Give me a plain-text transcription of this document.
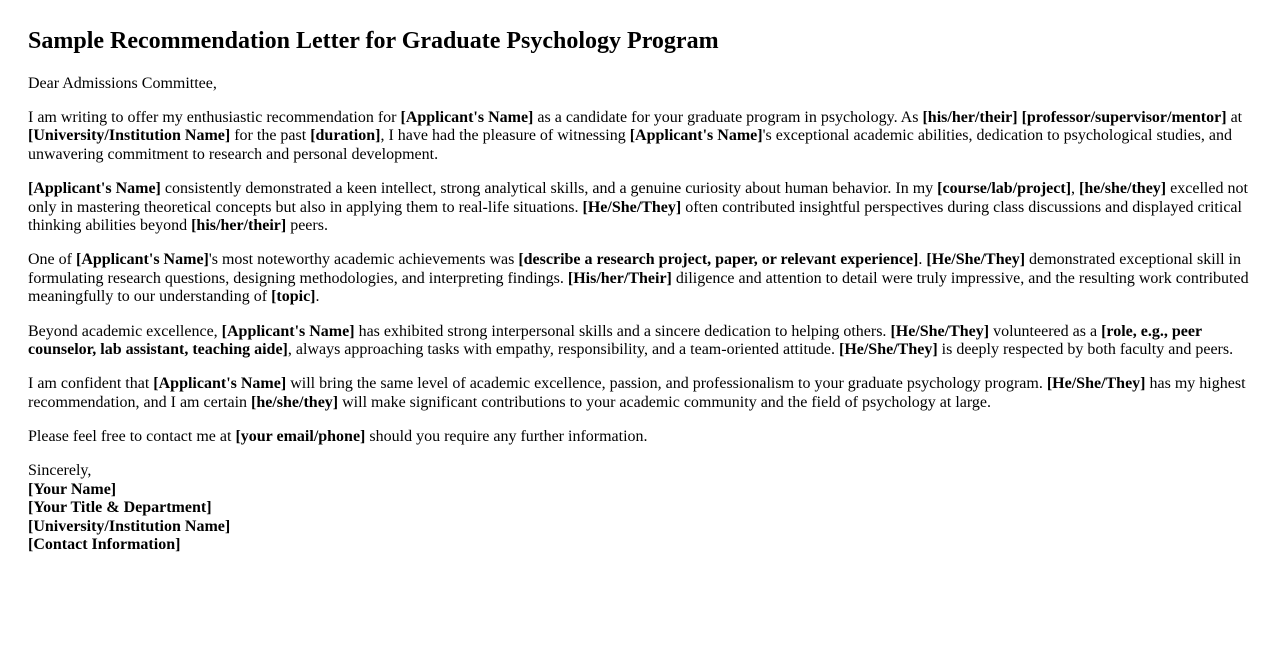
Sample Recommendation Letter for Graduate Psychology Program

Dear Admissions Committee,

I am writing to offer my enthusiastic recommendation for [Applicant's Name] as a candidate for your graduate program in psychology. As [his/her/their] [professor/supervisor/mentor] at [University/Institution Name] for the past [duration], I have had the pleasure of witnessing [Applicant's Name]'s exceptional academic abilities, dedication to psychological studies, and unwavering commitment to research and personal development.

[Applicant's Name] consistently demonstrated a keen intellect, strong analytical skills, and a genuine curiosity about human behavior. In my [course/lab/project], [he/she/they] excelled not only in mastering theoretical concepts but also in applying them to real-life situations. [He/She/They] often contributed insightful perspectives during class discussions and displayed critical thinking abilities beyond [his/her/their] peers.

One of [Applicant's Name]'s most noteworthy academic achievements was [describe a research project, paper, or relevant experience]. [He/She/They] demonstrated exceptional skill in formulating research questions, designing methodologies, and interpreting findings. [His/her/Their] diligence and attention to detail were truly impressive, and the resulting work contributed meaningfully to our understanding of [topic].

Beyond academic excellence, [Applicant's Name] has exhibited strong interpersonal skills and a sincere dedication to helping others. [He/She/They] volunteered as a [role, e.g., peer counselor, lab assistant, teaching aide], always approaching tasks with empathy, responsibility, and a team-oriented attitude. [He/She/They] is deeply respected by both faculty and peers.

I am confident that [Applicant's Name] will bring the same level of academic excellence, passion, and professionalism to your graduate psychology program. [He/She/They] has my highest recommendation, and I am certain [he/she/they] will make significant contributions to your academic community and the field of psychology at large.

Please feel free to contact me at [your email/phone] should you require any further information.

Sincerely,
[Your Name]
[Your Title & Department]
[University/Institution Name]
[Contact Information]
